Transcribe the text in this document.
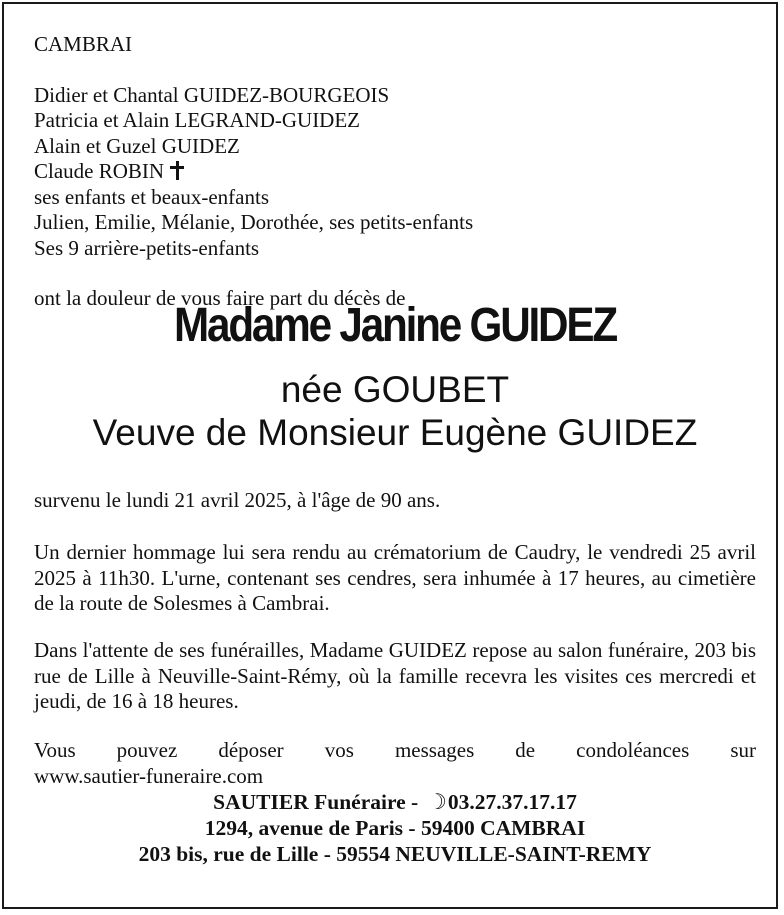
CAMBRAI
Didier et Chantal GUIDEZ-BOURGEOIS
Patricia et Alain LEGRAND-GUIDEZ
Alain et Guzel GUIDEZ
Claude ROBIN
ses enfants et beaux-enfants
Julien, Emilie, Mélanie, Dorothée, ses petits-enfants
Ses 9 arrière-petits-enfants
ont la douleur de vous faire part du décès de
Madame Janine GUIDEZ
née GOUBET
Veuve de Monsieur Eugène GUIDEZ
survenu le lundi 21 avril 2025, à l'âge de 90 ans.
Un dernier hommage lui sera rendu au crématorium de Caudry, le vendredi 25 avril 2025 à 11h30. L'urne, contenant ses cendres, sera inhumée à 17 heures, au cimetière de la route de Solesmes à Cambrai.
Dans l'attente de ses funérailles, Madame GUIDEZ repose au salon funéraire, 203 bis rue de Lille à Neuville-Saint-Rémy, où la famille recevra les visites ces mercredi et jeudi, de 16 à 18 heures.
Vous pouvez déposer vos messages de condoléances sur
www.sautier-funeraire.com
SAUTIER Funéraire - ☽03.27.37.17.17
1294, avenue de Paris - 59400 CAMBRAI
203 bis, rue de Lille - 59554 NEUVILLE-SAINT-REMY
